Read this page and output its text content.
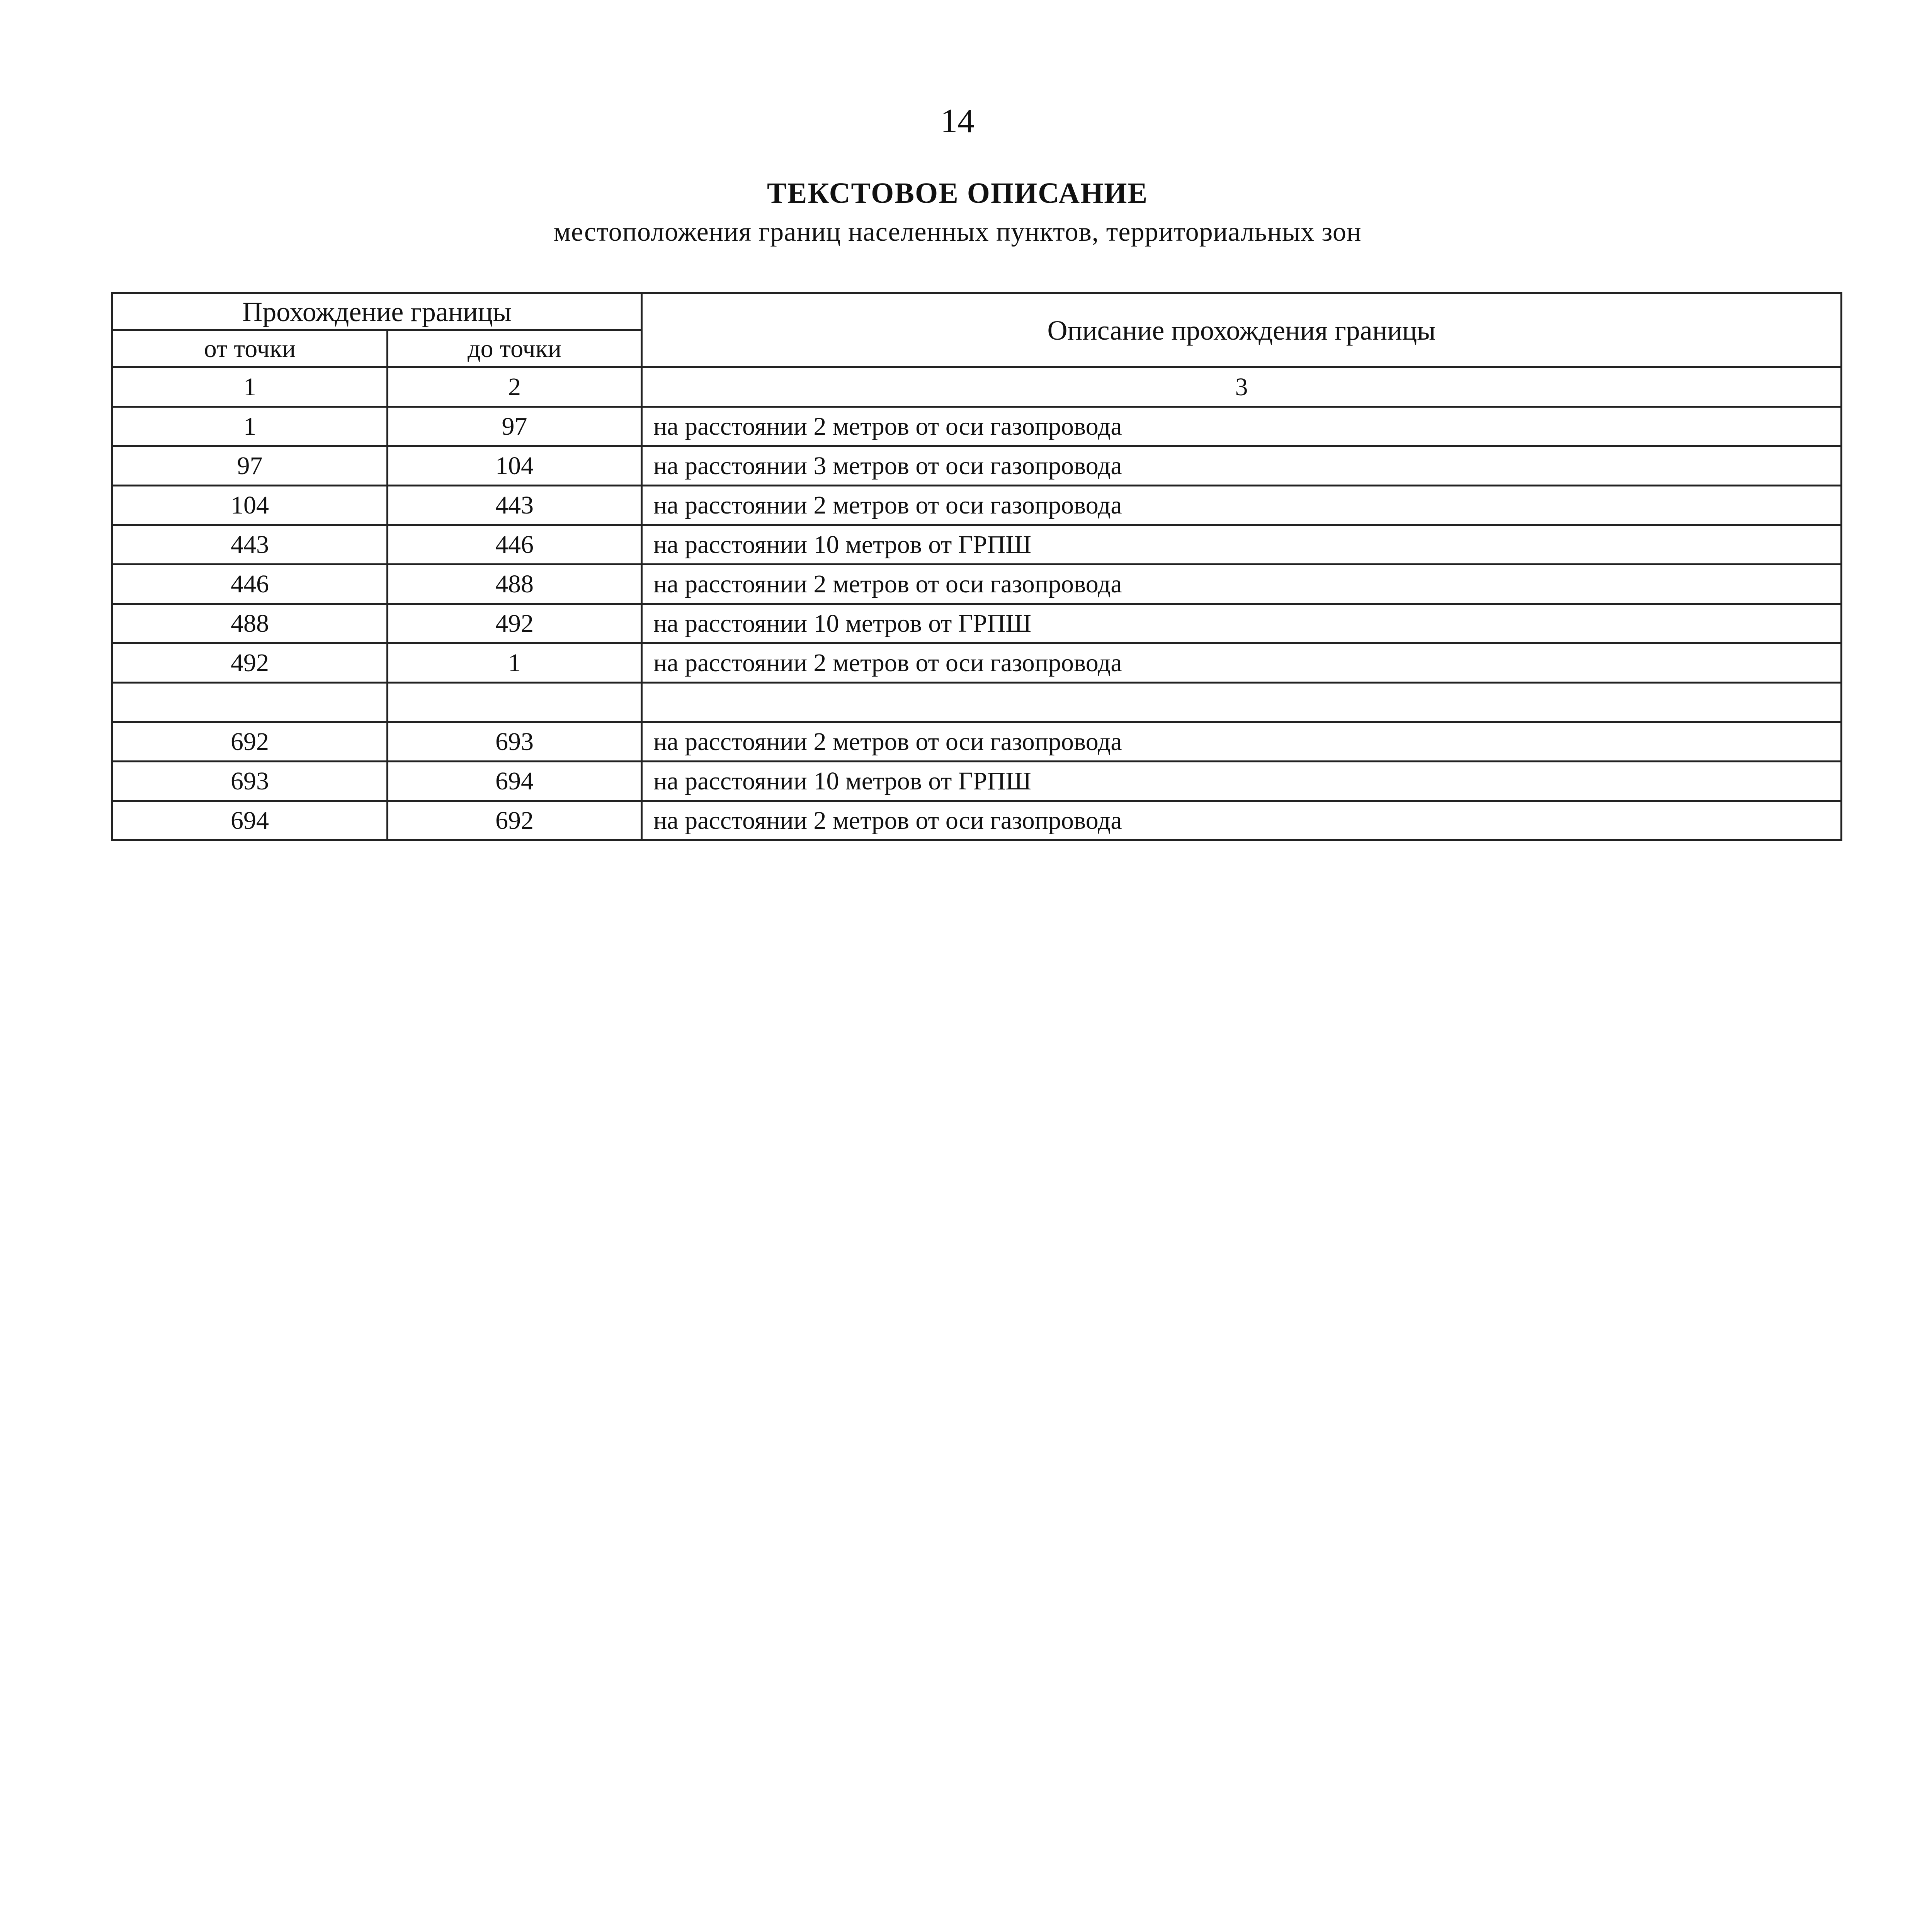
14
ТЕКСТОВОЕ ОПИСАНИЕ
местоположения границ населенных пунктов, территориальных зон
Прохождение границы		Описание прохождения границы
от точки	до точки	
1	2	3
1	97	на расстоянии 2 метров от оси газопровода
97	104	на расстоянии 3 метров от оси газопровода
104	443	на расстоянии 2 метров от оси газопровода
443	446	на расстоянии 10 метров от ГРПШ
446	488	на расстоянии 2 метров от оси газопровода
488	492	на расстоянии 10 метров от ГРПШ
492	1	на расстоянии 2 метров от оси газопровода

692	693	на расстоянии 2 метров от оси газопровода
693	694	на расстоянии 10 метров от ГРПШ
694	692	на расстоянии 2 метров от оси газопровода
